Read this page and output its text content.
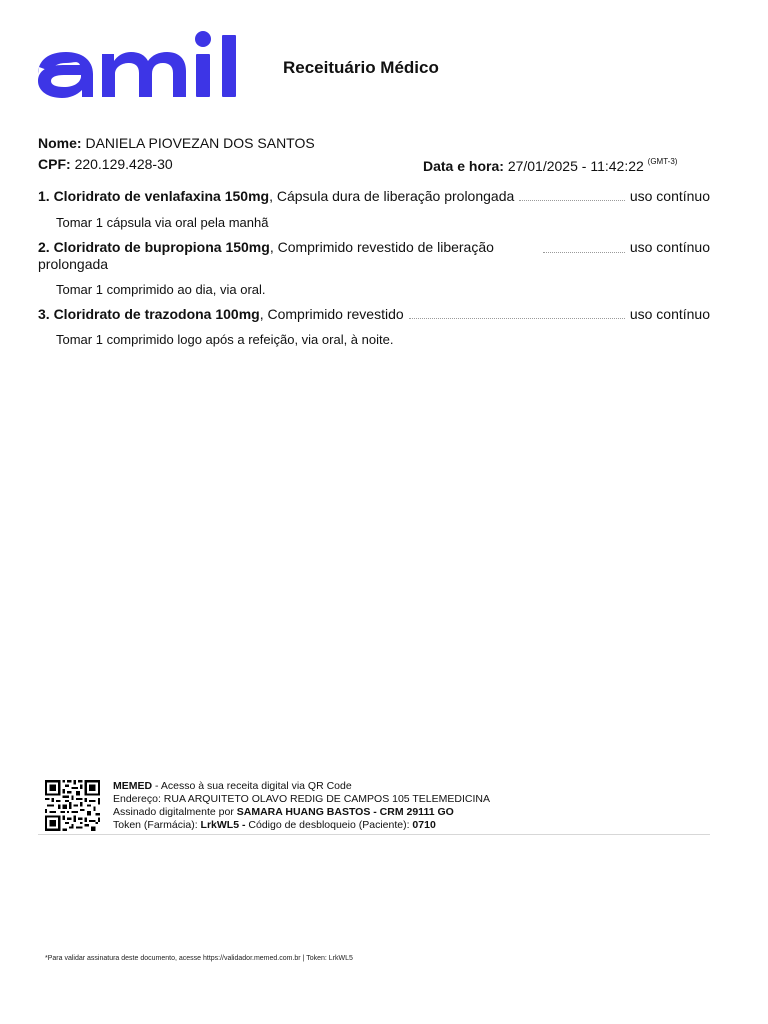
Receituário Médico
Nome: DANIELA PIOVEZAN DOS SANTOS
CPF: 220.129.428-30	Data e hora: 27/01/2025 - 11:42:22 $^{(GMT-3)}$
1. Cloridrato de venlafaxina 150mg, Cápsula dura de liberação prolongada	uso contínuo
Tomar 1 cápsula via oral pela manhã
2. Cloridrato de bupropiona 150mg, Comprimido revestido de liberação prolongada
uso contínuo
Tomar 1 comprimido ao dia, via oral.
3. Cloridrato de trazodona 100mg, Comprimido revestido	uso contínuo
Tomar 1 comprimido logo após a refeição, via oral, à noite.
MEMED - Acesso à sua receita digital via QR Code
Endereço: RUA ARQUITETO OLAVO REDIG DE CAMPOS 105 TELEMEDICINA
Assinado digitalmente por SAMARA HUANG BASTOS - CRM 29111 GO
Token (Farmácia): LrkWL5 - Código de desbloqueio (Paciente): 0710
*Para validar assinatura deste documento, acesse https://validador.memed.com.br | Token: LrkWL5
